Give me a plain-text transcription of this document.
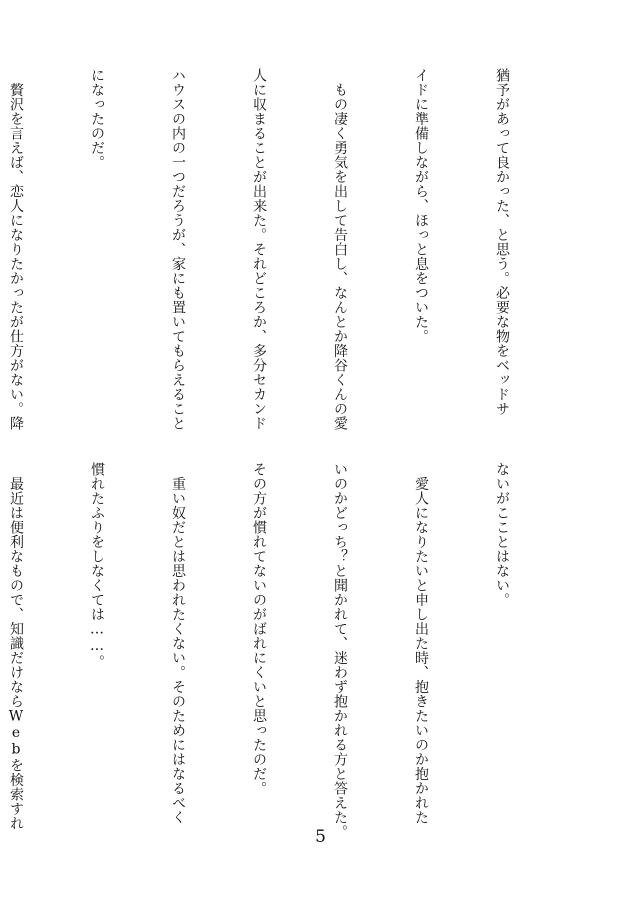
猶予があって良かった、と思う。必要な物をベッドサ

イドに準備しながら、ほっと息をついた。

　もの凄く勇気を出して告白し、なんとか降谷くんの愛

人に収まることが出来た。それどころか、多分セカンド

ハウスの内の一つだろうが、家にも置いてもらえること

になったのだ。

　贅沢を言えば、恋人になりたかったが仕方がない。降

ないがこことはない。

　愛人になりたいと申し出た時、抱きたいのか抱かれた

いのかどっち？と聞かれて、迷わず抱かれる方と答えた。

その方が慣れてないのがばれにくいと思ったのだ。

　重い奴だとは思われたくない。そのためにはなるべく

慣れたふりをしなくては……。

　最近は便利なもので、知識だけならWebを検索すれ

5
